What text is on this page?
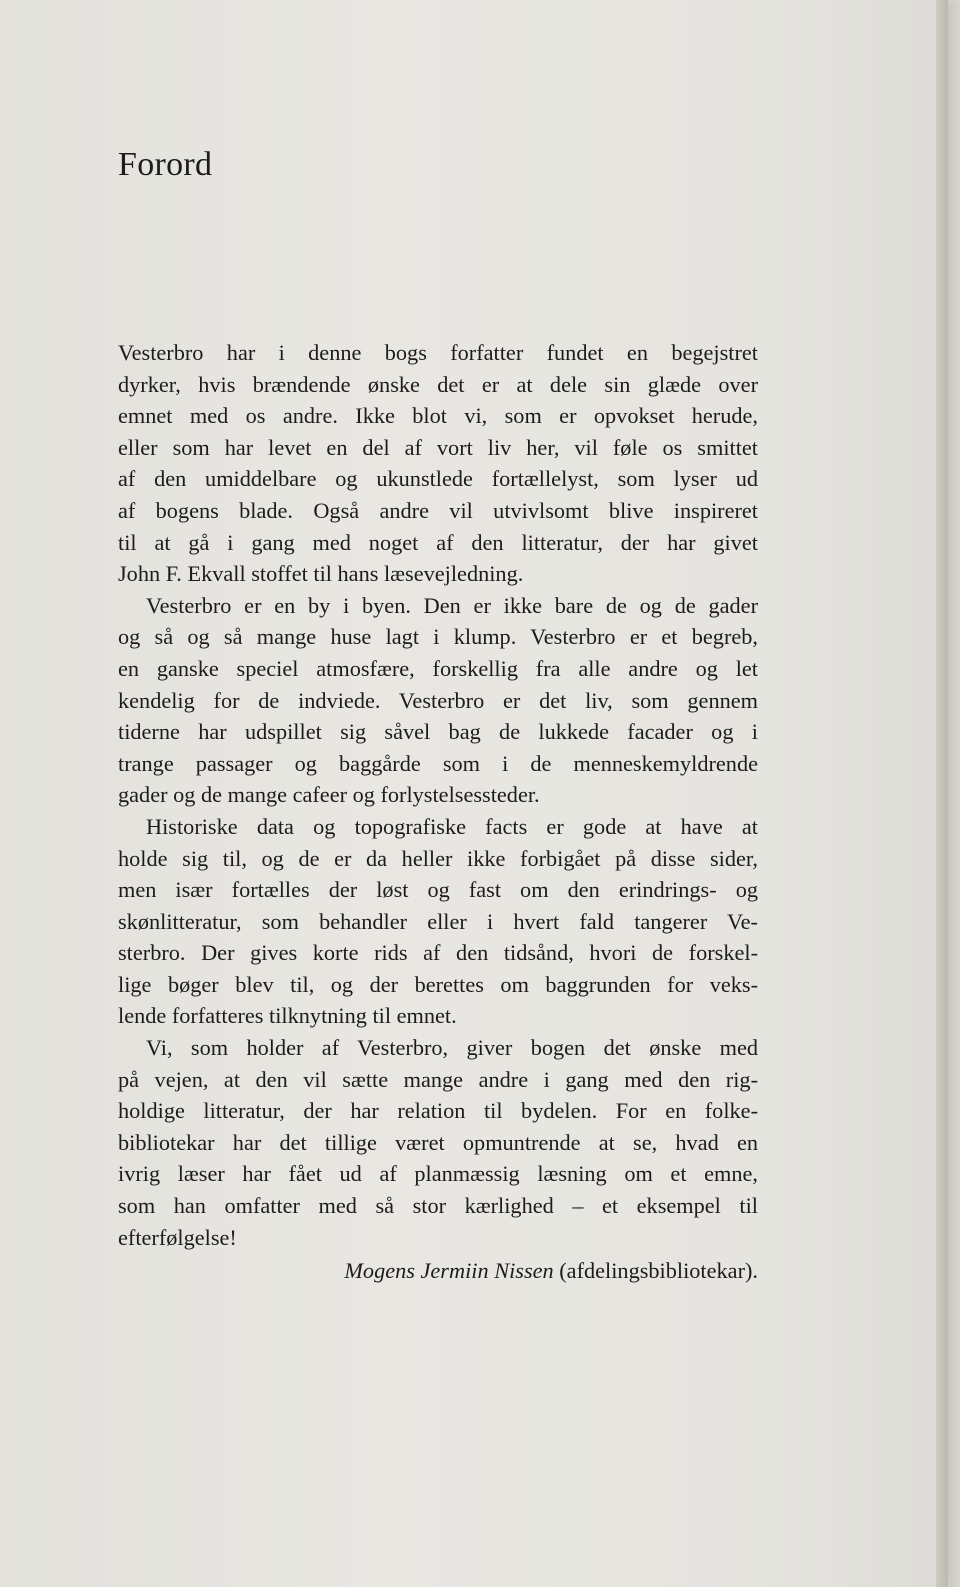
Forord
Vesterbro har i denne bogs forfatter fundet en begejstret
dyrker, hvis brændende ønske det er at dele sin glæde over
emnet med os andre. Ikke blot vi, som er opvokset herude,
eller som har levet en del af vort liv her, vil føle os smittet
af den umiddelbare og ukunstlede fortællelyst, som lyser ud
af bogens blade. Også andre vil utvivlsomt blive inspireret
til at gå i gang med noget af den litteratur, der har givet
John F. Ekvall stoffet til hans læsevejledning.
Vesterbro er en by i byen. Den er ikke bare de og de gader
og så og så mange huse lagt i klump. Vesterbro er et begreb,
en ganske speciel atmosfære, forskellig fra alle andre og let
kendelig for de indviede. Vesterbro er det liv, som gennem
tiderne har udspillet sig såvel bag de lukkede facader og i
trange passager og baggårde som i de menneskemyldrende
gader og de mange cafeer og forlystelsessteder.
Historiske data og topografiske facts er gode at have at
holde sig til, og de er da heller ikke forbigået på disse sider,
men især fortælles der løst og fast om den erindrings- og
skønlitteratur, som behandler eller i hvert fald tangerer Ve-
sterbro. Der gives korte rids af den tidsånd, hvori de forskel-
lige bøger blev til, og der berettes om baggrunden for veks-
lende forfatteres tilknytning til emnet.
Vi, som holder af Vesterbro, giver bogen det ønske med
på vejen, at den vil sætte mange andre i gang med den rig-
holdige litteratur, der har relation til bydelen. For en folke-
bibliotekar har det tillige været opmuntrende at se, hvad en
ivrig læser har fået ud af planmæssig læsning om et emne,
som han omfatter med så stor kærlighed – et eksempel til
efterfølgelse!
Mogens Jermiin Nissen (afdelingsbibliotekar).
